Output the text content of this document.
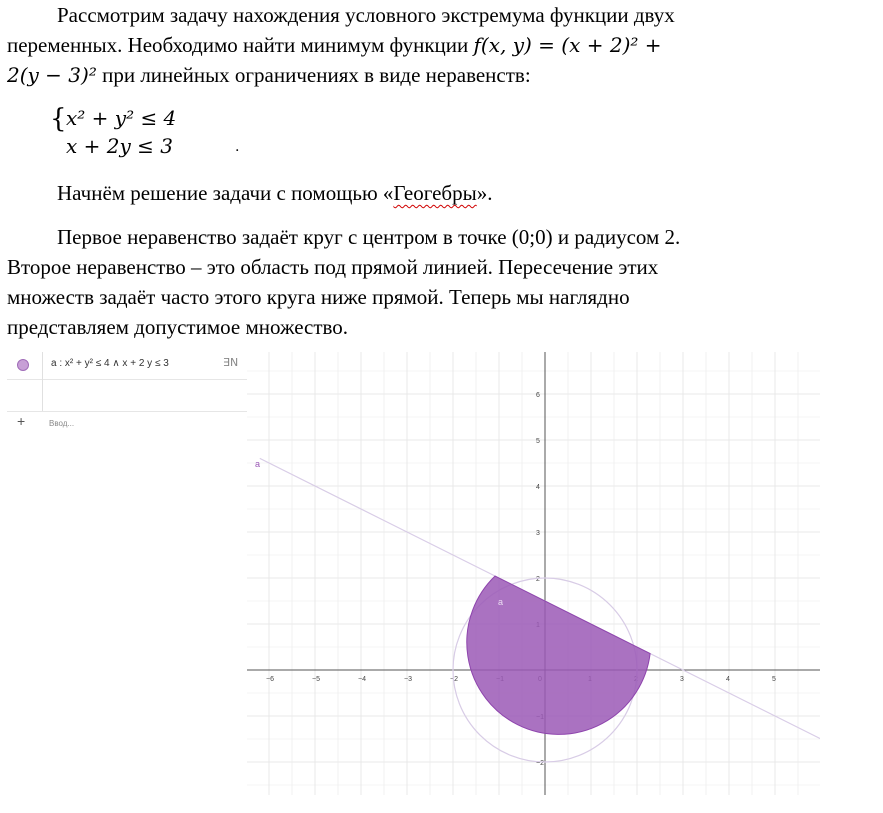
Рассмотрим задачу нахождения условного экстремума функции двух

переменных. Необходимо найти минимум функции f(x, y) = (x + 2)² +

2(y − 3)² при линейных ограничениях в виде неравенств:

{ x² + y² ≤ 4
x + 2y ≤ 3	.

Начнём решение задачи с помощью «Геогебры».

Первое неравенство задаёт круг с центром в точке (0;0) и радиусом 2.

Второе неравенство – это область под прямой линией. Пересечение этих

множеств задаёт часто этого круга ниже прямой. Теперь мы наглядно

представляем допустимое множество.

a : x² + y² ≤ 4 ∧ x + 2 y ≤ 3	∃N
+	Ввод...
−6	−5	−4	−3	−2	3	4	5
−2
2
3
4
5
6
a
a
